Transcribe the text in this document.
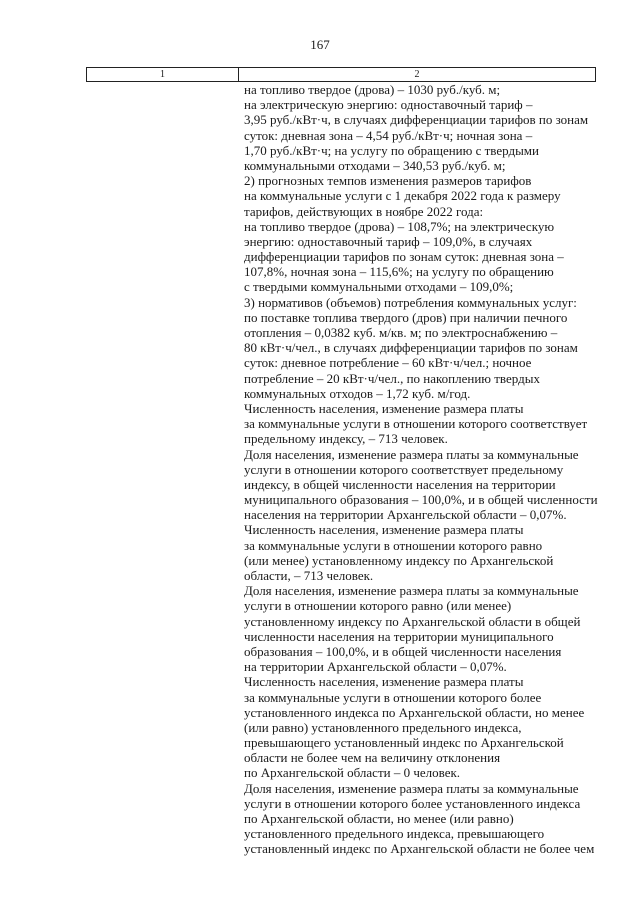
167
1	2
на топливо твердое (дрова) – 1030 руб./куб. м;
на электрическую энергию: одноставочный тариф –
3,95 руб./кВт·ч, в случаях дифференциации тарифов по зонам
суток: дневная зона – 4,54 руб./кВт·ч; ночная зона –
1,70 руб./кВт·ч; на услугу по обращению с твердыми
коммунальными отходами – 340,53 руб./куб. м;
2) прогнозных темпов изменения размеров тарифов
на коммунальные услуги с 1 декабря 2022 года к размеру
тарифов, действующих в ноябре 2022 года:
на топливо твердое (дрова) – 108,7%; на электрическую
энергию: одноставочный тариф – 109,0%, в случаях
дифференциации тарифов по зонам суток: дневная зона –
107,8%, ночная зона – 115,6%; на услугу по обращению
с твердыми коммунальными отходами – 109,0%;
3) нормативов (объемов) потребления коммунальных услуг:
по поставке топлива твердого (дров) при наличии печного
отопления – 0,0382 куб. м/кв. м; по электроснабжению –
80 кВт·ч/чел., в случаях дифференциации тарифов по зонам
суток: дневное потребление – 60 кВт·ч/чел.; ночное
потребление – 20 кВт·ч/чел., по накоплению твердых
коммунальных отходов – 1,72 куб. м/год.
Численность населения, изменение размера платы
за коммунальные услуги в отношении которого соответствует
предельному индексу, – 713 человек.
Доля населения, изменение размера платы за коммунальные
услуги в отношении которого соответствует предельному
индексу, в общей численности населения на территории
муниципального образования – 100,0%, и в общей численности
населения на территории Архангельской области – 0,07%.
Численность населения, изменение размера платы
за коммунальные услуги в отношении которого равно
(или менее) установленному индексу по Архангельской
области, – 713 человек.
Доля населения, изменение размера платы за коммунальные
услуги в отношении которого равно (или менее)
установленному индексу по Архангельской области в общей
численности населения на территории муниципального
образования – 100,0%, и в общей численности населения
на территории Архангельской области – 0,07%.
Численность населения, изменение размера платы
за коммунальные услуги в отношении которого более
установленного индекса по Архангельской области, но менее
(или равно) установленного предельного индекса,
превышающего установленный индекс по Архангельской
области не более чем на величину отклонения
по Архангельской области – 0 человек.
Доля населения, изменение размера платы за коммунальные
услуги в отношении которого более установленного индекса
по Архангельской области, но менее (или равно)
установленного предельного индекса, превышающего
установленный индекс по Архангельской области не более чем
